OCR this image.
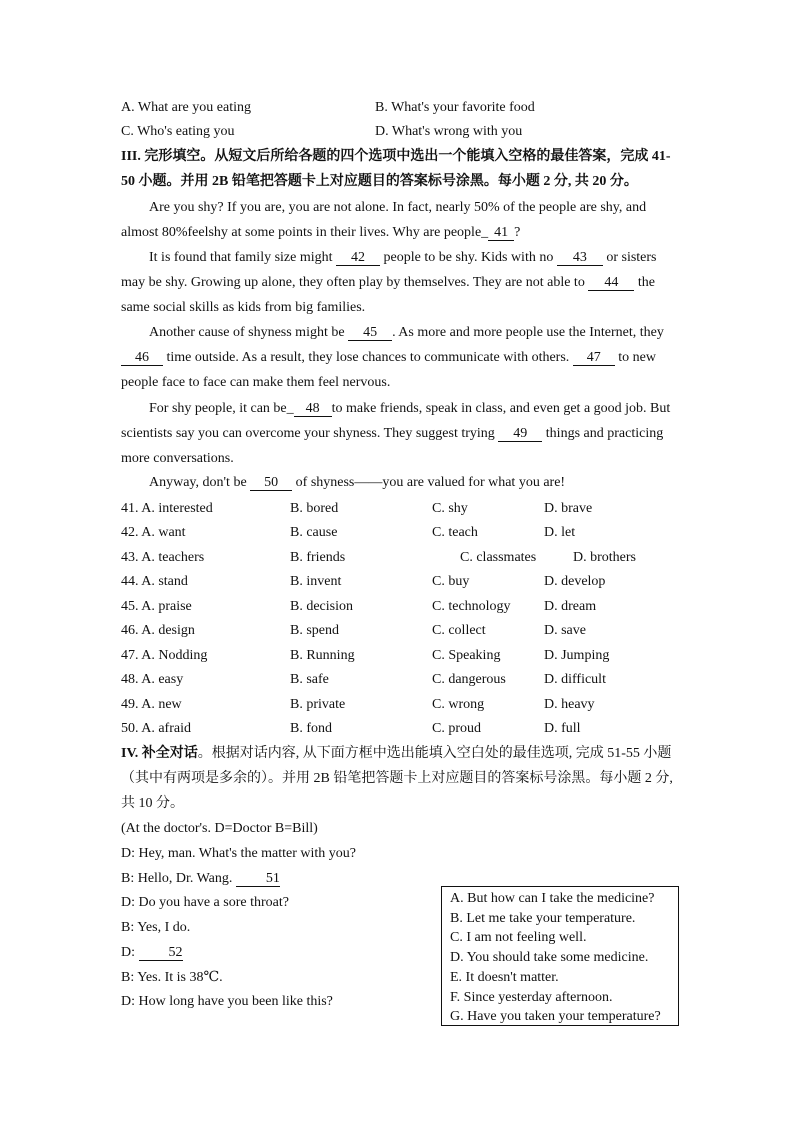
A. What are you eating	B. What's your favorite food
C. Who's eating you	D. What's wrong with you
III. 完形填空。从短文后所给各题的四个选项中选出一个能填入空格的最佳答案，完成 41-
50 小题。并用 2B 铅笔把答题卡上对应题目的答案标号涂黑。每小题 2 分, 共 20 分。
Are you shy? If you are, you are not alone. In fact, nearly 50% of the people are shy, and
almost 80%feelshy at some points in their lives. Why are people_ 41 ?
It is found that family size might 42 people to be shy. Kids with no 43 or sisters
may be shy. Growing up alone, they often play by themselves. They are not able to 44 the
same social skills as kids from big families.
Another cause of shyness might be 45 . As more and more people use the Internet, they
46 time outside. As a result, they lose chances to communicate with others. 47 to new
people face to face can make them feel nervous.
For shy people, it can be_ 48 to make friends, speak in class, and even get a good job. But
scientists say you can overcome your shyness. They suggest trying 49 things and practicing
more conversations.
Anyway, don't be 50 of shyness——you are valued for what you are!
41. A. interested	B. bored	C. shy	D. brave
42. A. want	B. cause	C. teach	D. let
43. A. teachers	B. friends	C. classmates	D. brothers
44. A. stand	B. invent	C. buy	D. develop
45. A. praise	B. decision	C. technology D. dream
46. A. design	B. spend	C. collect	D. save
47. A. Nodding	B. Running	C. Speaking	D. Jumping
48. A. easy	B. safe	C. dangerous	D. difficult
49. A. new	B. private	C. wrong	D. heavy
50. A. afraid	B. fond	C. proud	D. full
IV. 补全对话。根据对话内容, 从下面方框中选出能填入空白处的最佳选项, 完成 51-55 小题
（其中有两项是多余的）。并用 2B 铅笔把答题卡上对应题目的答案标号涂黑。每小题 2 分,
共 10 分。
(At the doctor's. D=Doctor B=Bill)
D: Hey, man. What's the matter with you?
B: Hello, Dr. Wang. 51
D: Do you have a sore throat?
B: Yes, I do.
D: 52
B: Yes. It is 38℃.
D: How long have you been like this?
A. But how can I take the medicine?
B. Let me take your temperature.
C. I am not feeling well.
D. You should take some medicine.
E. It doesn't matter.
F. Since yesterday afternoon.
G. Have you taken your temperature?
